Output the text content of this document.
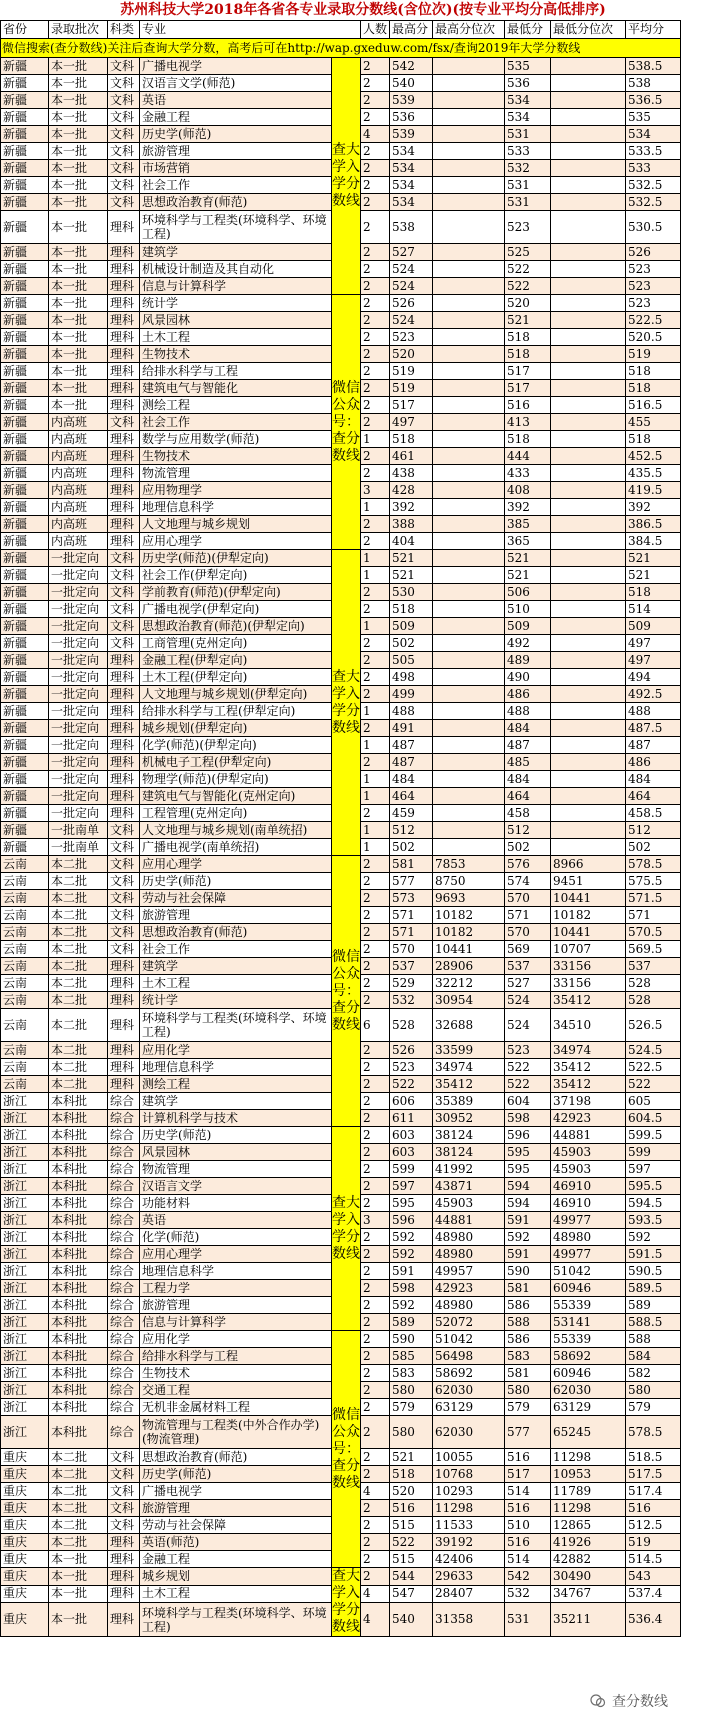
苏州科技大学2018年各省各专业录取分数线(含位次)(按专业平均分高低排序)
省份	录取批次	科类	专业		人数	最高分	最高分位次	最低分	最低分位次	平均分
微信搜索(查分数线)关注后查询大学分数，高考后可在http://wap.gxeduw.com/fsx/查询2019年大学分数线										
新疆	本一批	文科	广播电视学	查大学入学分数线	2	542		535		538.5
新疆	本一批	文科	汉语言文学(师范)		2	540		536		538
新疆	本一批	文科	英语		2	539		534		536.5
新疆	本一批	文科	金融工程		2	536		534		535
新疆	本一批	文科	历史学(师范)		4	539		531		534
新疆	本一批	文科	旅游管理		2	534		533		533.5
新疆	本一批	文科	市场营销		2	534		532		533
新疆	本一批	文科	社会工作		2	534		531		532.5
新疆	本一批	文科	思想政治教育(师范)		2	534		531		532.5
新疆	本一批	理科	环境科学与工程类(环境科学、环境工程)		2	538		523		530.5
新疆	本一批	理科	建筑学		2	527		525		526
新疆	本一批	理科	机械设计制造及其自动化		2	524		522		523
新疆	本一批	理科	信息与计算科学		2	524		522		523
新疆	本一批	理科	统计学	微信公众号：查分数线	2	526		520		523
新疆	本一批	理科	风景园林		2	524		521		522.5
新疆	本一批	理科	土木工程		2	523		518		520.5
新疆	本一批	理科	生物技术		2	520		518		519
新疆	本一批	理科	给排水科学与工程		2	519		517		518
新疆	本一批	理科	建筑电气与智能化		2	519		517		518
新疆	本一批	理科	测绘工程		2	517		516		516.5
新疆	内高班	文科	社会工作		2	497		413		455
新疆	内高班	理科	数学与应用数学(师范)		1	518		518		518
新疆	内高班	理科	生物技术		2	461		444		452.5
新疆	内高班	理科	物流管理		2	438		433		435.5
新疆	内高班	理科	应用物理学		3	428		408		419.5
新疆	内高班	理科	地理信息科学		1	392		392		392
新疆	内高班	理科	人文地理与城乡规划		2	388		385		386.5
新疆	内高班	理科	应用心理学		2	404		365		384.5
新疆	一批定向	文科	历史学(师范)(伊犁定向)	查大学入学分数线	1	521		521		521
新疆	一批定向	文科	社会工作(伊犁定向)		1	521		521		521
新疆	一批定向	文科	学前教育(师范)(伊犁定向)		2	530		506		518
新疆	一批定向	文科	广播电视学(伊犁定向)		2	518		510		514
新疆	一批定向	文科	思想政治教育(师范)(伊犁定向)		1	509		509		509
新疆	一批定向	文科	工商管理(克州定向)		2	502		492		497
新疆	一批定向	理科	金融工程(伊犁定向)		2	505		489		497
新疆	一批定向	理科	土木工程(伊犁定向)		2	498		490		494
新疆	一批定向	理科	人文地理与城乡规划(伊犁定向)		2	499		486		492.5
新疆	一批定向	理科	给排水科学与工程(伊犁定向)		1	488		488		488
新疆	一批定向	理科	城乡规划(伊犁定向)		2	491		484		487.5
新疆	一批定向	理科	化学(师范)(伊犁定向)		1	487		487		487
新疆	一批定向	理科	机械电子工程(伊犁定向)		2	487		485		486
新疆	一批定向	理科	物理学(师范)(伊犁定向)		1	484		484		484
新疆	一批定向	理科	建筑电气与智能化(克州定向)		1	464		464		464
新疆	一批定向	理科	工程管理(克州定向)		2	459		458		458.5
新疆	一批南单	文科	人文地理与城乡规划(南单统招)		1	512		512		512
新疆	一批南单	文科	广播电视学(南单统招)		1	502		502		502
云南	本二批	文科	应用心理学	微信公众号：查分数线	2	581	7853	576	8966	578.5
云南	本二批	文科	历史学(师范)		2	577	8750	574	9451	575.5
云南	本二批	文科	劳动与社会保障		2	573	9693	570	10441	571.5
云南	本二批	文科	旅游管理		2	571	10182	571	10182	571
云南	本二批	文科	思想政治教育(师范)		2	571	10182	570	10441	570.5
云南	本二批	文科	社会工作		2	570	10441	569	10707	569.5
云南	本二批	理科	建筑学		2	537	28906	537	33156	537
云南	本二批	理科	土木工程		2	529	32212	527	33156	528
云南	本二批	理科	统计学		2	532	30954	524	35412	528
云南	本二批	理科	环境科学与工程类(环境科学、环境工程)		6	528	32688	524	34510	526.5
云南	本二批	理科	应用化学		2	526	33599	523	34974	524.5
云南	本二批	理科	地理信息科学		2	523	34974	522	35412	522.5
云南	本二批	理科	测绘工程		2	522	35412	522	35412	522
浙江	本科批	综合	建筑学		2	606	35389	604	37198	605
浙江	本科批	综合	计算机科学与技术		2	611	30952	598	42923	604.5
浙江	本科批	综合	历史学(师范)	查大学入学分数线	2	603	38124	596	44881	599.5
浙江	本科批	综合	风景园林		2	603	38124	595	45903	599
浙江	本科批	综合	物流管理		2	599	41992	595	45903	597
浙江	本科批	综合	汉语言文学		2	597	43871	594	46910	595.5
浙江	本科批	综合	功能材料		2	595	45903	594	46910	594.5
浙江	本科批	综合	英语		3	596	44881	591	49977	593.5
浙江	本科批	综合	化学(师范)		2	592	48980	592	48980	592
浙江	本科批	综合	应用心理学		2	592	48980	591	49977	591.5
浙江	本科批	综合	地理信息科学		2	591	49957	590	51042	590.5
浙江	本科批	综合	工程力学		2	598	42923	581	60946	589.5
浙江	本科批	综合	旅游管理		2	592	48980	586	55339	589
浙江	本科批	综合	信息与计算科学		2	589	52072	588	53141	588.5
浙江	本科批	综合	应用化学	微信公众号：查分数线	2	590	51042	586	55339	588
浙江	本科批	综合	给排水科学与工程		2	585	56498	583	58692	584
浙江	本科批	综合	生物技术		2	583	58692	581	60946	582
浙江	本科批	综合	交通工程		2	580	62030	580	62030	580
浙江	本科批	综合	无机非金属材料工程		2	579	63129	579	63129	579
浙江	本科批	综合	物流管理与工程类(中外合作办学)(物流管理)		2	580	62030	577	65245	578.5
重庆	本二批	文科	思想政治教育(师范)		2	521	10055	516	11298	518.5
重庆	本二批	文科	历史学(师范)		2	518	10768	517	10953	517.5
重庆	本二批	文科	广播电视学		4	520	10293	514	11789	517.4
重庆	本二批	文科	旅游管理		2	516	11298	516	11298	516
重庆	本二批	文科	劳动与社会保障		2	515	11533	510	12865	512.5
重庆	本二批	理科	英语(师范)		2	522	39192	516	41926	519
重庆	本一批	理科	金融工程		2	515	42406	514	42882	514.5
重庆	本一批	理科	城乡规划	查大学入学分数线	2	544	29633	542	30490	543
重庆	本一批	理科	土木工程		4	547	28407	532	34767	537.4
重庆	本一批	理科	环境科学与工程类(环境科学、环境工程)		4	540	31358	531	35211	536.4
查分数线
